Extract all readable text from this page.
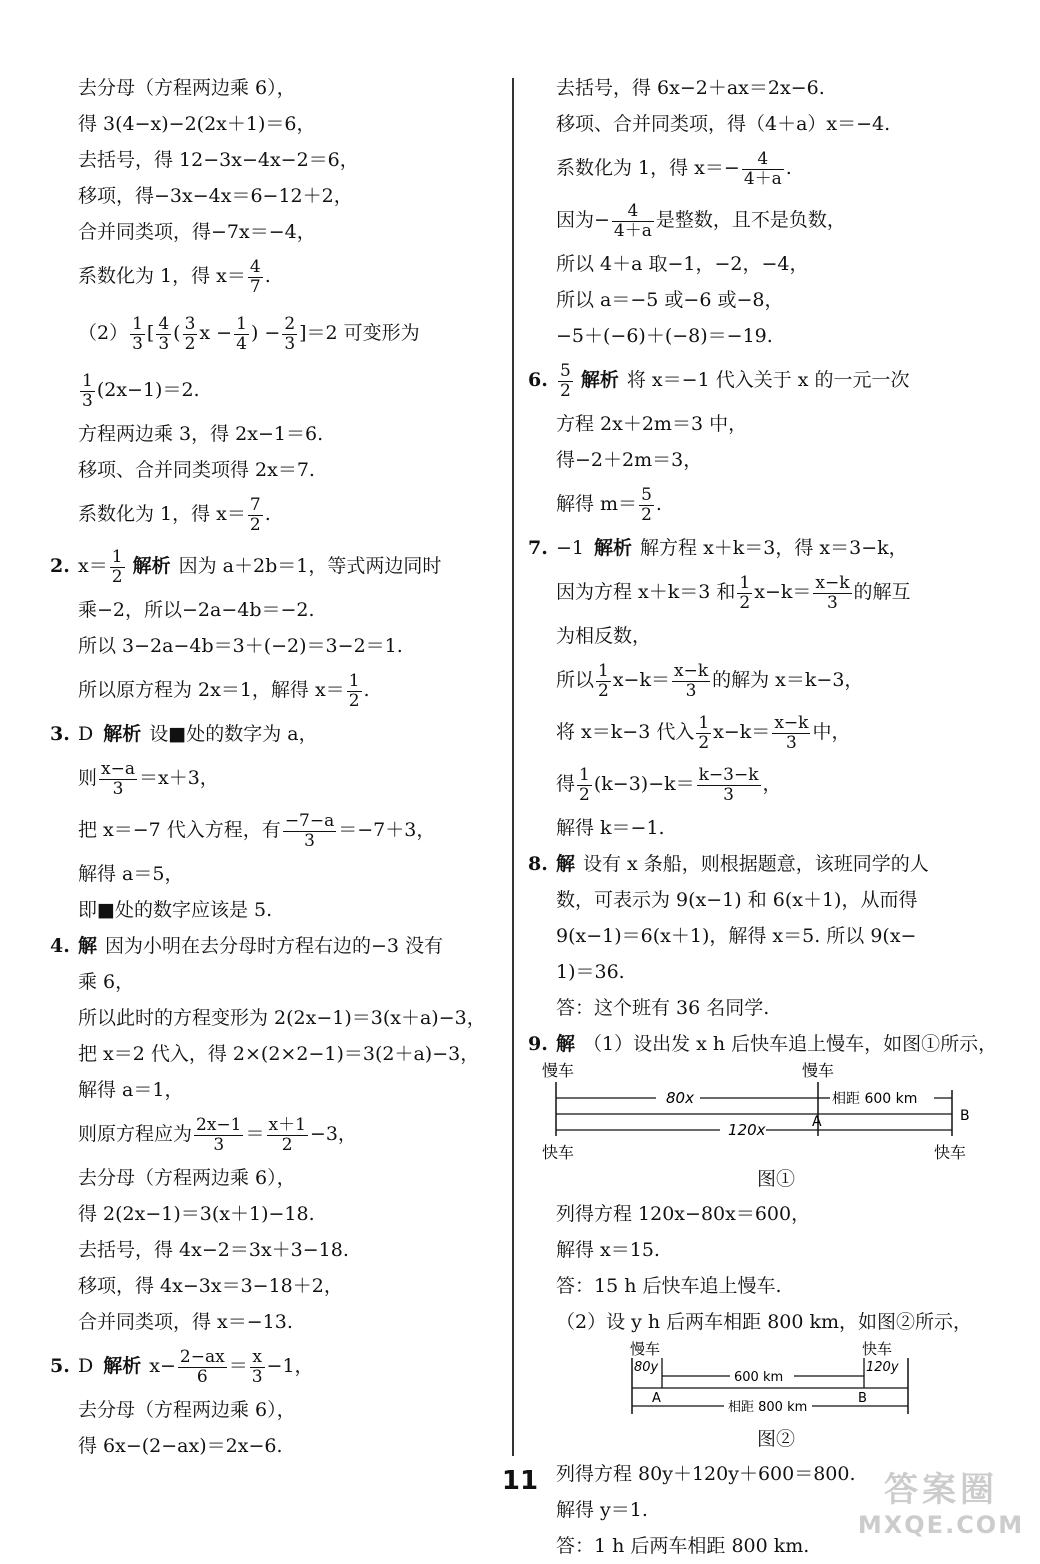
去分母（方程两边乘 6），
得 3(4−x)−2(2x＋1)＝6，
去括号，得 12−3x−4x−2＝6，
移项，得−3x−4x＝6−12＋2，
合并同类项，得−7x＝−4，
系数化为 1，得 $x= \frac{4}{7}$ .
$(2) \frac{1}{3}$ [ $\frac{4}{3}$ ( $\frac{3}{2}$ $x - \frac{1}{4}$ ) − $\frac{2}{3} ]=2$ 可变形为
$\frac{1}{3} (2x-1)=2$.
方程两边乘 3，得 2x−1＝6.
移项、合并同类项得 2x＝7.
系数化为 1，得 $x= \frac{7}{2}$ .
2. $x= \frac{1}{2}$ 解析 因为 a＋2b＝1，等式两边同时
乘−2，所以−2a−4b＝−2.
所以 3−2a−4b＝3＋(−2)＝3−2＝1.
所以原方程为 2x＝1，解得 $x= \frac{1}{2}$ .
3. D 解析 设■处的数字为 a，
则 $\frac{x-a}{3} =x+3$，
把 x＝−7 代入方程，有 $\frac{-7-a}{3} =-7+3$，
解得 a＝5，
即■处的数字应该是 5.
4. 解 因为小明在去分母时方程右边的−3 没有
乘 6，
所以此时的方程变形为 2(2x−1)＝3(x＋a)−3，
把 x＝2 代入，得 2×(2×2−1)＝3(2＋a)−3，
解得 a＝1，
则原方程应为 $\frac{2x-1}{3} = \frac{x+1}{2} -3$，
去分母（方程两边乘 6），
得 2(2x−1)＝3(x＋1)−18.
去括号，得 4x−2＝3x＋3−18.
移项，得 4x−3x＝3−18＋2，
合并同类项，得 x＝−13.
5. D 解析 $x- \frac{2-ax}{6} = \frac{x}{3} -1$，
去分母（方程两边乘 6），
得 6x−(2−ax)＝2x−6.
去括号，得 6x−2＋ax＝2x−6.
移项、合并同类项，得（4＋a）x＝−4.
系数化为 1，得 $x=- \frac{4}{4+a}$ .
因为− $\frac{4}{4+a}$ 是整数，且不是负数，
所以 4＋a 取−1，−2，−4，
所以 a＝−5 或−6 或−8，
−5＋(−6)＋(−8)＝−19.
6. $\frac{5}{2}$ 解析 将 x＝−1 代入关于 x 的一元一次
方程 2x＋2m＝3 中，
得−2＋2m＝3，
解得 $m= \frac{5}{2}$ .
7. −1 解析 解方程 x＋k＝3，得 x＝3−k，
因为方程 x＋k＝3 和 $\frac{1}{2} x-k= \frac{x-k}{3}$ 的解互
为相反数，
所以 $\frac{1}{2} x-k= \frac{x-k}{3}$ 的解为 x＝k−3，
将 x＝k−3 代入 $\frac{1}{2} x-k= \frac{x-k}{3}$ 中，
得 $\frac{1}{2} (k-3)-k= \frac{k-3-k}{3}$ ，
解得 k＝−1.
8. 解 设有 x 条船，则根据题意，该班同学的人
数，可表示为 9(x−1) 和 6(x＋1)，从而得
9(x−1)＝6(x＋1)，解得 x＝5. 所以 9(x−
1)＝36.
答：这个班有 36 名同学.
9. 解 （1）设出发 x h 后快车追上慢车，如图①所示，
慢车	慢车
80x	相距 600 km
120x	A	B
快车	快车
图①
列得方程 120x−80x＝600，
解得 x＝15.
答：15 h 后快车追上慢车.
（2）设 y h 后两车相距 800 km，如图②所示，
慢车	快车
80y	120y
600 km
A	B
相距 800 km
图②
列得方程 80y＋120y＋600＝800.
解得 y＝1.
答：1 h 后两车相距 800 km.
11	答案圈
MXQE.COM
